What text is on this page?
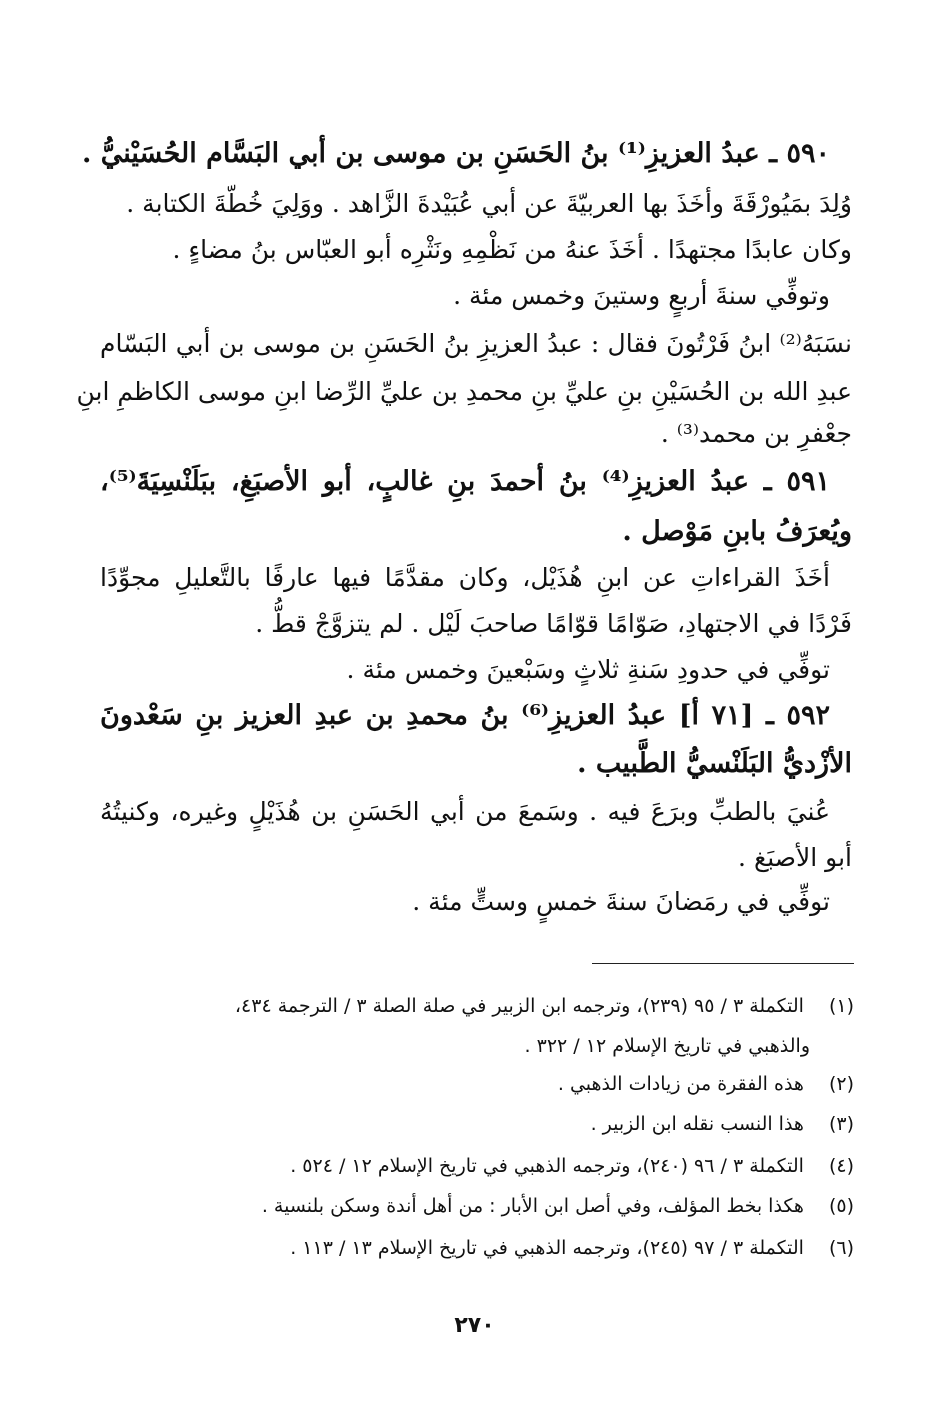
٥٩٠ ـ عبدُ العزيزِ⁽¹⁾ بنُ الحَسَنِ بن موسى بن أبي البَسَّام الحُسَيْنيُّ .
وُلِدَ بمَيُورْقَةَ وأخَذَ بها العربيّةَ عن أبي عُبَيْدةَ الزَّاهد . ووَلِيَ خُطّةَ الكتابة .
وكان عابدًا مجتهدًا . أخَذَ عنهُ من نَظْمِهِ ونَثْرِه أبو العبّاس بنُ مضاءٍ .
وتوفِّي سنةَ أربعٍ وستينَ وخمس مئة .
نسَبَهُ⁽²⁾ ابنُ فَرْتُونَ فقال : عبدُ العزيزِ بنُ الحَسَنِ بن موسى بن أبي البَسّام
عبدِ الله بن الحُسَيْنِ بنِ عليِّ بنِ محمدِ بن عليِّ الرِّضا ابنِ موسى الكاظمِ ابنِ
جعْفرِ بن محمد⁽³⁾ .
٥٩١ ـ عبدُ العزيزِ⁽⁴⁾ بنُ أحمدَ بنِ غالبٍ، أبو الأصبَغِ، ببَلَنْسِيَةَ⁽⁵⁾،
ويُعرَفُ بابنِ مَوْصل .
أخَذَ القراءاتِ عن ابنِ هُذَيْل، وكان مقدَّمًا فيها عارفًا بالتَّعليلِ مجوِّدًا
فَرْدًا في الاجتهادِ، صَوّامًا قوّامًا صاحبَ لَيْل . لم يتزوَّجْ قطُّ .
توفِّي في حدودِ سَنةِ ثلاثٍ وسَبْعينَ وخمس مئة .
٥٩٢ ـ [٧١ أ] عبدُ العزيزِ⁽⁶⁾ بنُ محمدِ بن عبدِ العزيز بنِ سَعْدونَ
الأزْديُّ البَلَنْسيُّ الطَّبيب .
عُنيَ بالطبِّ وبرَعَ فيه . وسَمعَ من أبي الحَسَنِ بن هُذَيْلٍ وغيره، وكنيتُهُ
أبو الأصبَغ .
توفِّي في رمَضانَ سنةَ خمسٍ وستٍّ مئة .
(١) التكملة ٣ / ٩٥ (٢٣٩)، وترجمه ابن الزبير في صلة الصلة ٣ / الترجمة ٤٣٤،
والذهبي في تاريخ الإسلام ١٢ / ٣٢٢ .
(٢) هذه الفقرة من زيادات الذهبي .
(٣) هذا النسب نقله ابن الزبير .
(٤) التكملة ٣ / ٩٦ (٢٤٠)، وترجمه الذهبي في تاريخ الإسلام ١٢ / ٥٢٤ .
(٥) هكذا بخط المؤلف، وفي أصل ابن الأبار : من أهل أندة وسكن بلنسية .
(٦) التكملة ٣ / ٩٧ (٢٤٥)، وترجمه الذهبي في تاريخ الإسلام ١٣ / ١١٣ .
٢٧٠
